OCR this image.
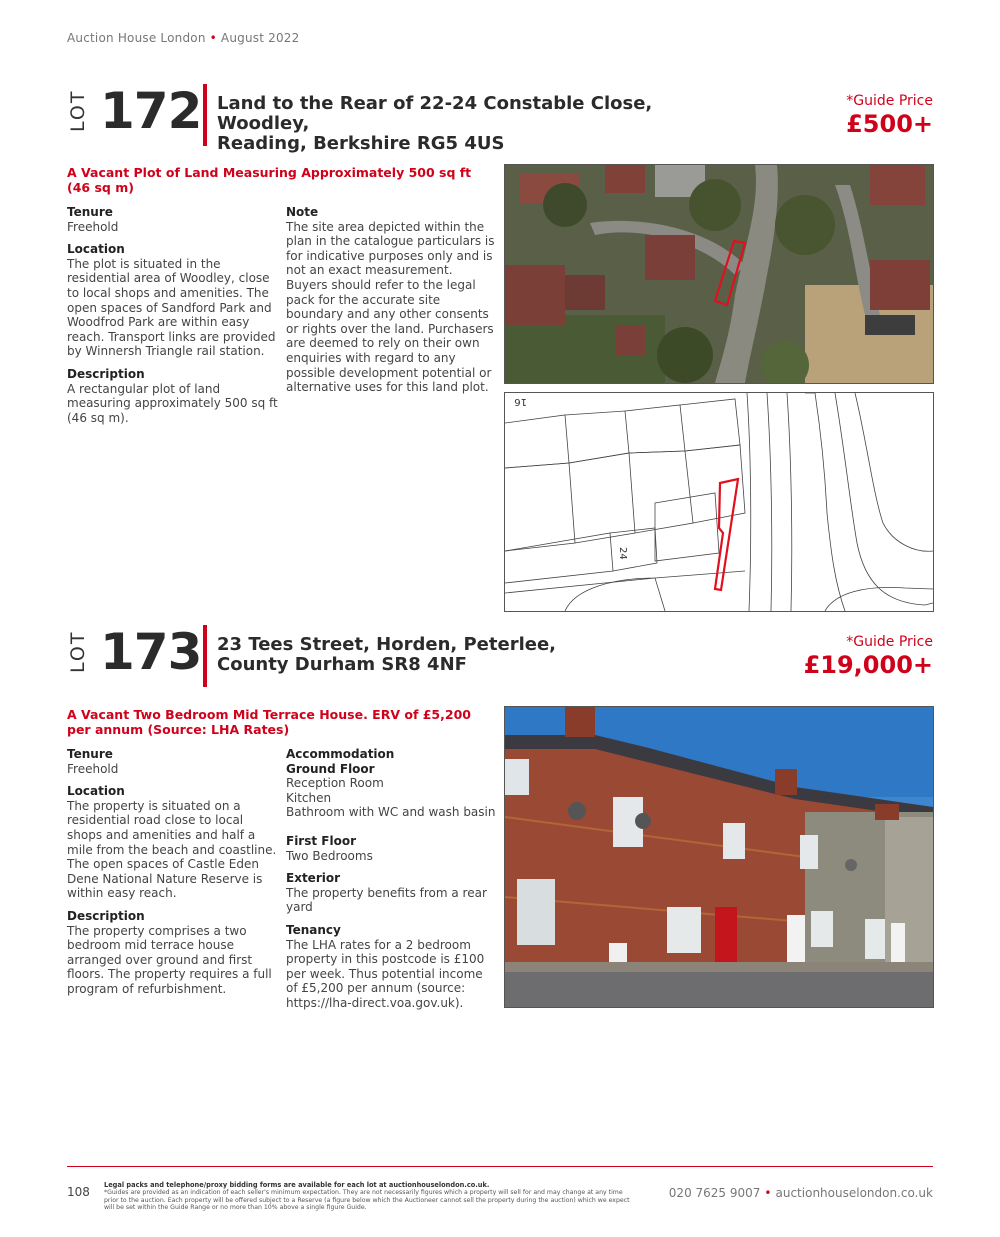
Auction House London • August 2022
LOT 172 Land to the Rear of 22-24 Constable Close, Woodley,
Reading, Berkshire RG5 4US
*Guide Price
£500+
A Vacant Plot of Land Measuring Approximately 500 sq ft (46 sq m)
Tenure

Freehold

Location

The plot is situated in the residential area of Woodley, close to local shops and amenities. The open spaces of Sandford Park and Woodfrod Park are within easy reach. Transport links are provided by Winnersh Triangle rail station.

Description

A rectangular plot of land measuring approximately 500 sq ft (46 sq m).

Note

The site area depicted within the plan in the catalogue particulars is for indicative purposes only and is not an exact measurement. Buyers should refer to the legal pack for the accurate site boundary and any other consents or rights over the land. Purchasers are deemed to rely on their own enquiries with regard to any possible development potential or alternative uses for this land plot.

16
24
LOT 173 23 Tees Street, Horden, Peterlee,
County Durham SR8 4NF
*Guide Price
£19,000+
A Vacant Two Bedroom Mid Terrace House. ERV of £5,200 per annum (Source: LHA Rates)
Tenure

Freehold

Location

The property is situated on a residential road close to local shops and amenities and half a mile from the beach and coastline. The open spaces of Castle Eden Dene National Nature Reserve is within easy reach.

Description

The property comprises a two bedroom mid terrace house arranged over ground and first floors. The property requires a full program of refurbishment.

Accommodation
Ground Floor

Reception Room

Kitchen

Bathroom with WC and wash basin

First Floor

Two Bedrooms

Exterior

The property benefits from a rear yard

Tenancy

The LHA rates for a 2 bedroom property in this postcode is £100 per week. Thus potential income of £5,200 per annum (source: https://lha-direct.voa.gov.uk).

108 Legal packs and telephone/proxy bidding forms are available for each lot at auctionhouselondon.co.uk.
*Guides are provided as an indication of each seller's minimum expectation. They are not necessarily figures which a property will sell for and may change at any time prior to the auction. Each property will be offered subject to a Reserve (a figure below which the Auctioneer cannot sell the property during the auction) which we expect will be set within the Guide Range or no more than 10% above a single figure Guide.
020 7625 9007 • auctionhouselondon.co.uk
